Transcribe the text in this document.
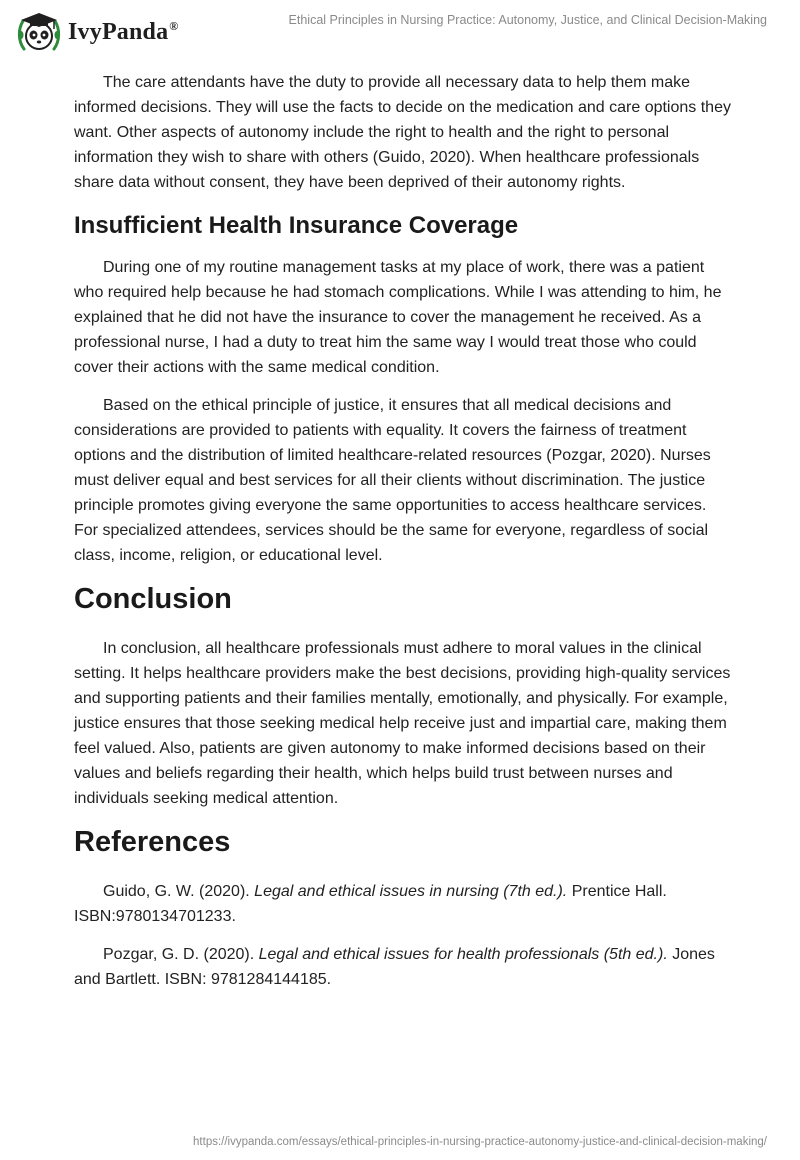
IvyPanda®	Ethical Principles in Nursing Practice: Autonomy, Justice, and Clinical Decision-Making

The care attendants have the duty to provide all necessary data to help them make informed decisions. They will use the facts to decide on the medication and care options they want. Other aspects of autonomy include the right to health and the right to personal information they wish to share with others (Guido, 2020). When healthcare professionals share data without consent, they have been deprived of their autonomy rights.

Insufficient Health Insurance Coverage

During one of my routine management tasks at my place of work, there was a patient who required help because he had stomach complications. While I was attending to him, he explained that he did not have the insurance to cover the management he received. As a professional nurse, I had a duty to treat him the same way I would treat those who could cover their actions with the same medical condition.

Based on the ethical principle of justice, it ensures that all medical decisions and considerations are provided to patients with equality. It covers the fairness of treatment options and the distribution of limited healthcare-related resources (Pozgar, 2020). Nurses must deliver equal and best services for all their clients without discrimination. The justice principle promotes giving everyone the same opportunities to access healthcare services. For specialized attendees, services should be the same for everyone, regardless of social class, income, religion, or educational level.

Conclusion

In conclusion, all healthcare professionals must adhere to moral values in the clinical setting. It helps healthcare providers make the best decisions, providing high-quality services and supporting patients and their families mentally, emotionally, and physically. For example, justice ensures that those seeking medical help receive just and impartial care, making them feel valued. Also, patients are given autonomy to make informed decisions based on their values and beliefs regarding their health, which helps build trust between nurses and individuals seeking medical attention.

References

Guido, G. W. (2020). Legal and ethical issues in nursing (7th ed.). Prentice Hall. ISBN:9780134701233.

Pozgar, G. D. (2020). Legal and ethical issues for health professionals (5th ed.). Jones and Bartlett. ISBN: 9781284144185.

https://ivypanda.com/essays/ethical-principles-in-nursing-practice-autonomy-justice-and-clinical-decision-making/
